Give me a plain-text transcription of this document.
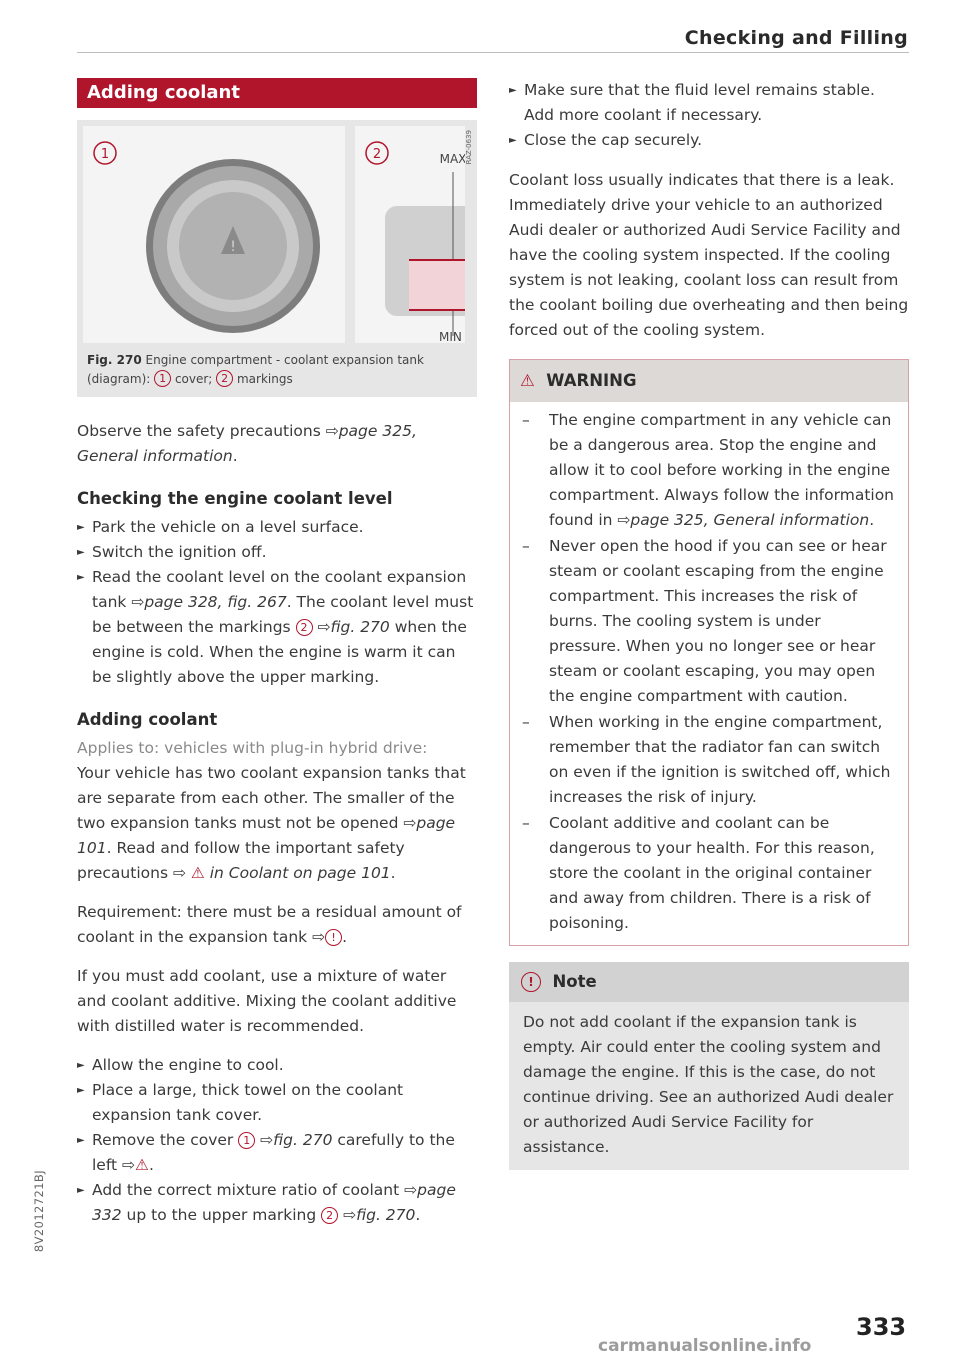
Checking and Filling
Adding coolant
1
!
2	MAX
MIN
RAZ-0639
Fig. 270 Engine compartment - coolant expansion tank (diagram): 1 cover; 2 markings

Observe the safety precautions ⇨page 325, General information.

Checking the engine coolant level
► Park the vehicle on a level surface.
► Switch the ignition off.
► Read the coolant level on the coolant expansion tank ⇨page 328, fig. 267. The coolant level must be between the markings 2 ⇨fig. 270 when the engine is cold. When the engine is warm it can be slightly above the upper marking.
Adding coolant

Applies to: vehicles with plug-in hybrid drive:

Your vehicle has two coolant expansion tanks that are separate from each other. The smaller of the two expansion tanks must not be opened ⇨page 101. Read and follow the important safety precautions ⇨ ⚠ in Coolant on page 101.

Requirement: there must be a residual amount of coolant in the expansion tank ⇨ ! .

If you must add coolant, use a mixture of water and coolant additive. Mixing the coolant additive with distilled water is recommended.

► Allow the engine to cool.
► Place a large, thick towel on the coolant expansion tank cover.
► Remove the cover 1 ⇨fig. 270 carefully to the left ⇨⚠.
► Add the correct mixture ratio of coolant ⇨page 332 up to the upper marking 2 ⇨fig. 270.
► Make sure that the fluid level remains stable. Add more coolant if necessary.
► Close the cap securely.

Coolant loss usually indicates that there is a leak. Immediately drive your vehicle to an authorized Audi dealer or authorized Audi Service Facility and have the cooling system inspected. If the cooling system is not leaking, coolant loss can result from the coolant boiling due overheating and then being forced out of the cooling system.

⚠ WARNING
– The engine compartment in any vehicle can be a dangerous area. Stop the engine and allow it to cool before working in the engine compartment. Always follow the information found in ⇨page 325, General information.
– Never open the hood if you can see or hear steam or coolant escaping from the engine compartment. This increases the risk of burns. The cooling system is under pressure. When you no longer see or hear steam or coolant escaping, you may open the engine compartment with caution.
– When working in the engine compartment, remember that the radiator fan can switch on even if the ignition is switched off, which increases the risk of injury.
– Coolant additive and coolant can be dangerous to your health. For this reason, store the coolant in the original container and away from children. There is a risk of poisoning.
! Note
Do not add coolant if the expansion tank is empty. Air could enter the cooling system and damage the engine. If this is the case, do not continue driving. See an authorized Audi dealer or authorized Audi Service Facility for assistance.
8V2012721BJ
333
carmanualsonline.info
